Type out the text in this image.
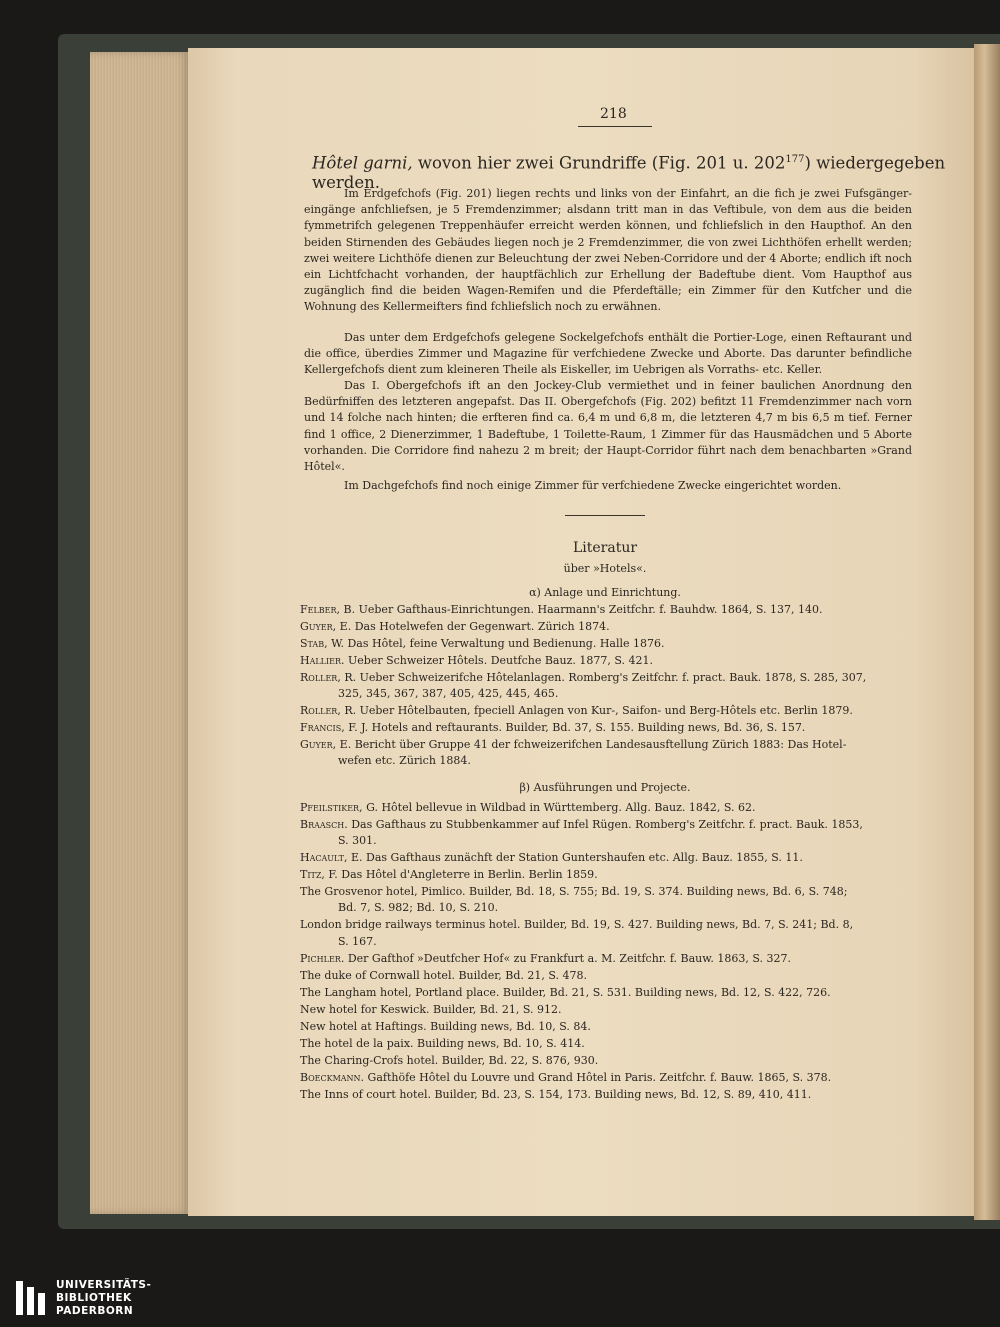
218
Hôtel garni, wovon hier zwei Grundriffe (Fig. 201 u. $202^{177}$) wiedergegeben
werden.
Im Erdgefchofs (Fig. 201) liegen rechts und links von der Einfahrt, an die fich je zwei Fufsgänger-eingänge anfchliefsen, je 5 Fremdenzimmer; alsdann tritt man in das Veftibule, von dem aus die beiden fymmetrifch gelegenen Treppenhäufer erreicht werden können, und fchliefslich in den Haupthof. An den beiden Stirnenden des Gebäudes liegen noch je 2 Fremdenzimmer, die von zwei Lichthöfen erhellt werden; zwei weitere Lichthöfe dienen zur Beleuchtung der zwei Neben-Corridore und der 4 Aborte; endlich ift noch ein Lichtfchacht vorhanden, der hauptfächlich zur Erhellung der Badeftube dient. Vom Haupthof aus zugänglich find die beiden Wagen-Remifen und die Pferdeftälle; ein Zimmer für den Kutfcher und die Wohnung des Kellermeifters find fchliefslich noch zu erwähnen.
Das unter dem Erdgefchofs gelegene Sockelgefchofs enthält die Portier-Loge, einen Reftaurant und die office, überdies Zimmer und Magazine für verfchiedene Zwecke und Aborte. Das darunter befindliche Kellergefchofs dient zum kleineren Theile als Eiskeller, im Uebrigen als Vorraths- etc. Keller.
Das I. Obergefchofs ift an den Jockey-Club vermiethet und in feiner baulichen Anordnung den Bedürfniffen des letzteren angepafst. Das II. Obergefchofs (Fig. 202) befitzt 11 Fremdenzimmer nach vorn und 14 folche nach hinten; die erfteren find ca. 6,4 m und 6,8 m, die letzteren 4,7 m bis 6,5 m tief. Ferner find 1 office, 2 Dienerzimmer, 1 Badeftube, 1 Toilette-Raum, 1 Zimmer für das Hausmädchen und 5 Aborte vorhanden. Die Corridore find nahezu 2 m breit; der Haupt-Corridor führt nach dem benachbarten »Grand Hôtel«.
Im Dachgefchofs find noch einige Zimmer für verfchiedene Zwecke eingerichtet worden.
Literatur
über »Hotels«.
α) Anlage und Einrichtung.
Felber, B. Ueber Gafthaus-Einrichtungen. Haarmann's Zeitfchr. f. Bauhdw. 1864, S. 137, 140.
Guyer, E. Das Hotelwefen der Gegenwart. Zürich 1874.
Stab, W. Das Hôtel, feine Verwaltung und Bedienung. Halle 1876.
Hallier. Ueber Schweizer Hôtels. Deutfche Bauz. 1877, S. 421.
Roller, R. Ueber Schweizerifche Hôtelanlagen. Romberg's Zeitfchr. f. pract. Bauk. 1878, S. 285, 307,
325, 345, 367, 387, 405, 425, 445, 465.
Roller, R. Ueber Hôtelbauten, fpeciell Anlagen von Kur-, Saifon- und Berg-Hôtels etc. Berlin 1879.
Francis, F. J. Hotels and reftaurants. Builder, Bd. 37, S. 155. Building news, Bd. 36, S. 157.
Guyer, E. Bericht über Gruppe 41 der fchweizerifchen Landesausftellung Zürich 1883: Das Hotel-
wefen etc. Zürich 1884.
β) Ausführungen und Projecte.
Pfeilstiker, G. Hôtel bellevue in Wildbad in Württemberg. Allg. Bauz. 1842, S. 62.
Braasch. Das Gafthaus zu Stubbenkammer auf Infel Rügen. Romberg's Zeitfchr. f. pract. Bauk. 1853,
S. 301.
Hacault, E. Das Gafthaus zunächft der Station Guntershaufen etc. Allg. Bauz. 1855, S. 11.
Titz, F. Das Hôtel d'Angleterre in Berlin. Berlin 1859.
The Grosvenor hotel, Pimlico. Builder, Bd. 18, S. 755; Bd. 19, S. 374. Building news, Bd. 6, S. 748;
Bd. 7, S. 982; Bd. 10, S. 210.
London bridge railways terminus hotel. Builder, Bd. 19, S. 427. Building news, Bd. 7, S. 241; Bd. 8,
S. 167.
Pichler. Der Gafthof »Deutfcher Hof« zu Frankfurt a. M. Zeitfchr. f. Bauw. 1863, S. 327.
The duke of Cornwall hotel. Builder, Bd. 21, S. 478.
The Langham hotel, Portland place. Builder, Bd. 21, S. 531. Building news, Bd. 12, S. 422, 726.
New hotel for Keswick. Builder, Bd. 21, S. 912.
New hotel at Haftings. Building news, Bd. 10, S. 84.
The hotel de la paix. Building news, Bd. 10, S. 414.
The Charing-Crofs hotel. Builder, Bd. 22, S. 876, 930.
Boeckmann. Gafthöfe Hôtel du Louvre und Grand Hôtel in Paris. Zeitfchr. f. Bauw. 1865, S. 378.
The Inns of court hotel. Builder, Bd. 23, S. 154, 173. Building news, Bd. 12, S. 89, 410, 411.
UNIVERSITÄTS-
BIBLIOTHEK
PADERBORN
